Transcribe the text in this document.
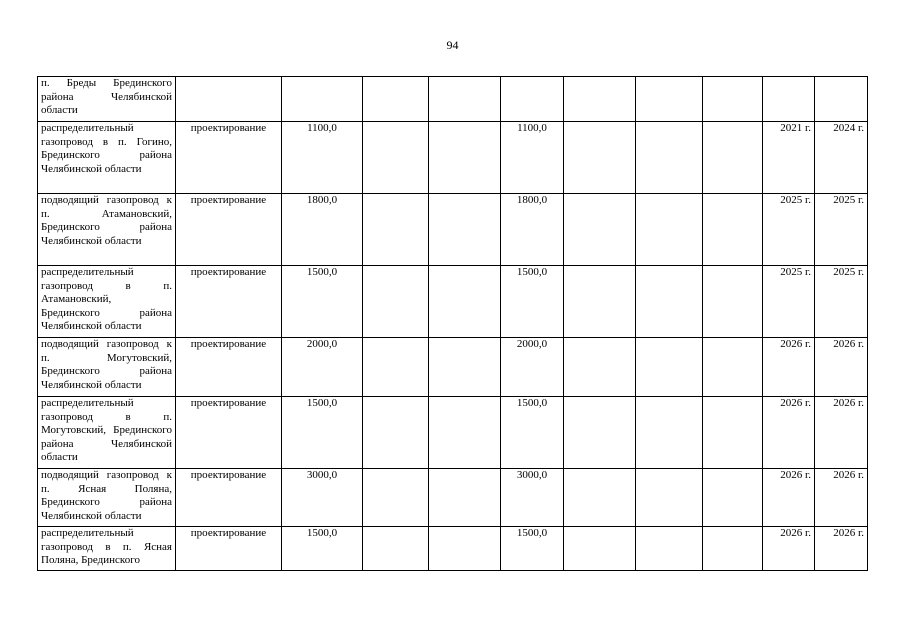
94
п. Бреды Брединского района Челябинской области										
распределительный газопровод в п. Гогино, Брединского района Челябинской области	проектирование	1100,0			1100,0				2021 г.	2024 г.
подводящий газопровод к п. Атамановский, Брединского района Челябинской области	проектирование	1800,0			1800,0				2025 г.	2025 г.
распределительный газопровод в п. Атамановский, Брединского района Челябинской области	проектирование	1500,0			1500,0				2025 г.	2025 г.
подводящий газопровод к п. Могутовский, Брединского района Челябинской области	проектирование	2000,0			2000,0				2026 г.	2026 г.
распределительный газопровод в п. Могутовский, Брединского района Челябинской области	проектирование	1500,0			1500,0				2026 г.	2026 г.
подводящий газопровод к п. Ясная Поляна, Брединского района Челябинской области	проектирование	3000,0			3000,0				2026 г.	2026 г.
распределительный газопровод в п. Ясная Поляна, Брединского	проектирование	1500,0			1500,0				2026 г.	2026 г.
